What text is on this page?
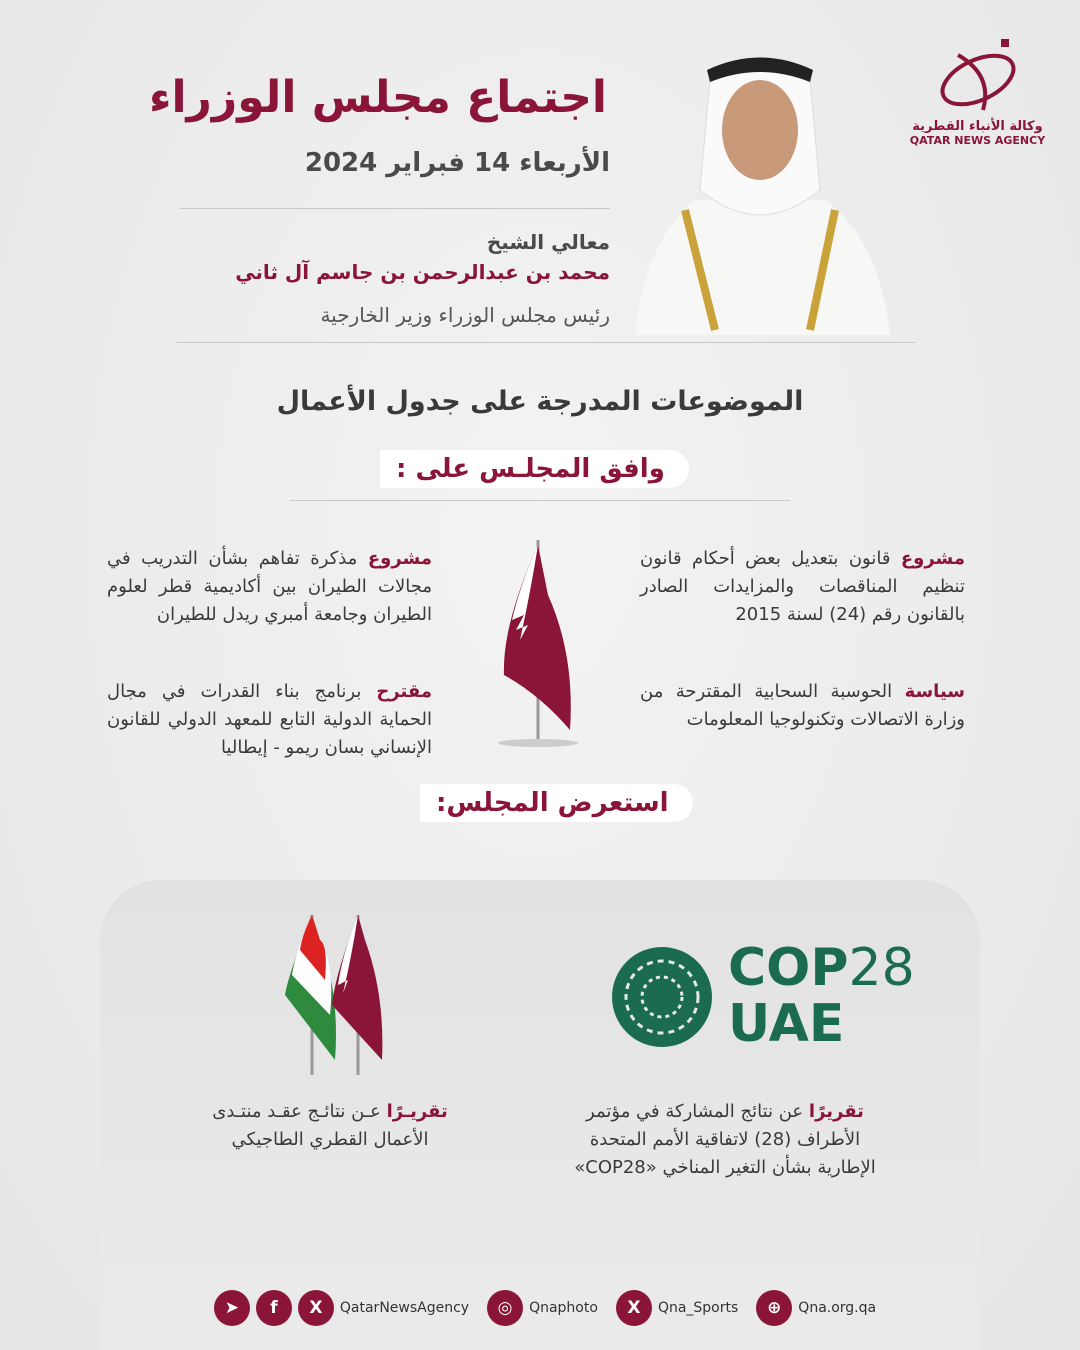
اجتماع مجلس الوزراء
الأربعاء 14 فبراير 2024
معالي الشيخ
محمد بن عبدالرحمن بن جاسم آل ثاني
رئيس مجلس الوزراء وزير الخارجية
وكالة الأنباء القطرية
QATAR NEWS AGENCY
الموضوعات المدرجة على جدول الأعمال
وافق المجلـس على :
مشروع قانون بتعديل بعض أحكام قانون تنظيم المناقصات والمزايدات الصادر بالقانون رقم (24) لسنة 2015
مشروع مذكرة تفاهم بشأن التدريب في مجالات الطيران بين أكاديمية قطر لعلوم الطيران وجامعة أمبري ريدل للطيران
سياسة الحوسبة السحابية المقترحة من وزارة الاتصالات وتكنولوجيا المعلومات
مقترح برنامج بناء القدرات في مجال الحماية الدولية التابع للمعهد الدولي للقانون الإنساني بسان ريمو - إيطاليا
استعرض المجلس:
COP28
UAE
تقريرًا عن نتائج المشاركة في مؤتمر الأطراف (28) لاتفاقية الأمم المتحدة الإطارية بشأن التغير المناخي «COP28»
تقريـرًا عـن نتائـج عقـد منتـدى الأعمال القطري الطاجيكي
➤	f	X	QatarNewsAgency	◎	Qnaphoto	X	Qna_Sports	⊕	Qna.org.qa
